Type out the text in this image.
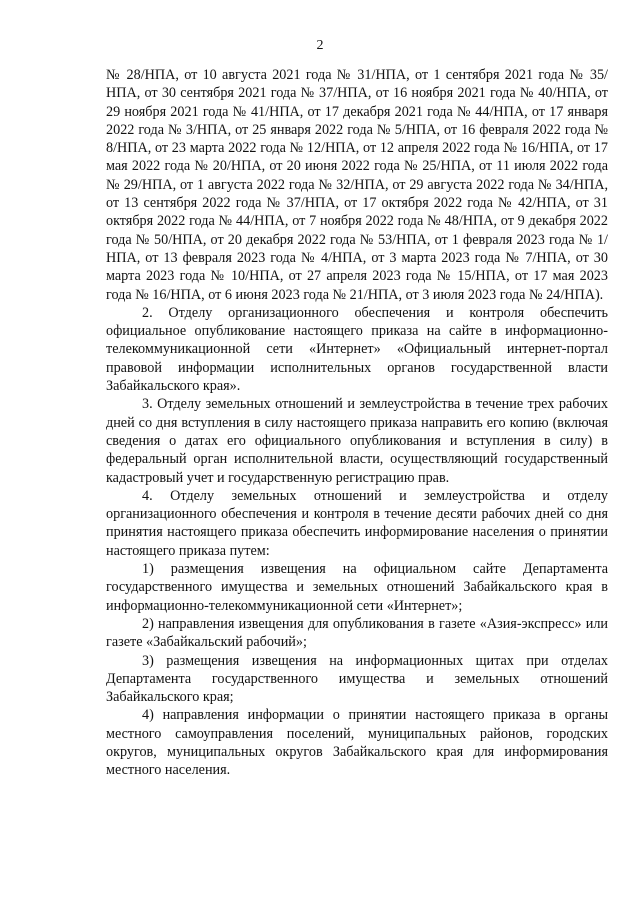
2

№ 28/НПА, от 10 августа 2021 года № 31/НПА, от 1 сентября 2021 года № 35/НПА, от 30 сентября 2021 года № 37/НПА, от 16 ноября 2021 года № 40/НПА, от 29 ноября 2021 года № 41/НПА, от 17 декабря 2021 года № 44/НПА, от 17 января 2022 года № 3/НПА, от 25 января 2022 года № 5/НПА, от 16 февраля 2022 года № 8/НПА, от 23 марта 2022 года № 12/НПА, от 12 апреля 2022 года № 16/НПА, от 17 мая 2022 года № 20/НПА, от 20 июня 2022 года № 25/НПА, от 11 июля 2022 года № 29/НПА, от 1 августа 2022 года № 32/НПА, от 29 августа 2022 года № 34/НПА, от 13 сентября 2022 года № 37/НПА, от 17 октября 2022 года № 42/НПА, от 31 октября 2022 года № 44/НПА, от 7 ноября 2022 года № 48/НПА, от 9 декабря 2022 года № 50/НПА, от 20 декабря 2022 года № 53/НПА, от 1 февраля 2023 года № 1/НПА, от 13 февраля 2023 года № 4/НПА, от 3 марта 2023 года № 7/НПА, от 30 марта 2023 года № 10/НПА, от 27 апреля 2023 года № 15/НПА, от 17 мая 2023 года № 16/НПА, от 6 июня 2023 года № 21/НПА, от 3 июля 2023 года № 24/НПА).

2. Отделу организационного обеспечения и контроля обеспечить официальное опубликование настоящего приказа на сайте в информационно-телекоммуникационной сети «Интернет» «Официальный интернет-портал правовой информации исполнительных органов государственной власти Забайкальского края».

3. Отделу земельных отношений и землеустройства в течение трех рабочих дней со дня вступления в силу настоящего приказа направить его копию (включая сведения о датах его официального опубликования и вступления в силу) в федеральный орган исполнительной власти, осуществляющий государственный кадастровый учет и государственную регистрацию прав.

4. Отделу земельных отношений и землеустройства и отделу организационного обеспечения и контроля в течение десяти рабочих дней со дня принятия настоящего приказа обеспечить информирование населения о принятии настоящего приказа путем:

1) размещения извещения на официальном сайте Департамента государственного имущества и земельных отношений Забайкальского края в информационно-телекоммуникационной сети «Интернет»;

2) направления извещения для опубликования в газете «Азия-экспресс» или газете «Забайкальский рабочий»;

3) размещения извещения на информационных щитах при отделах Департамента государственного имущества и земельных отношений Забайкальского края;

4) направления информации о принятии настоящего приказа в органы местного самоуправления поселений, муниципальных районов, городских округов, муниципальных округов Забайкальского края для информирования местного населения.
